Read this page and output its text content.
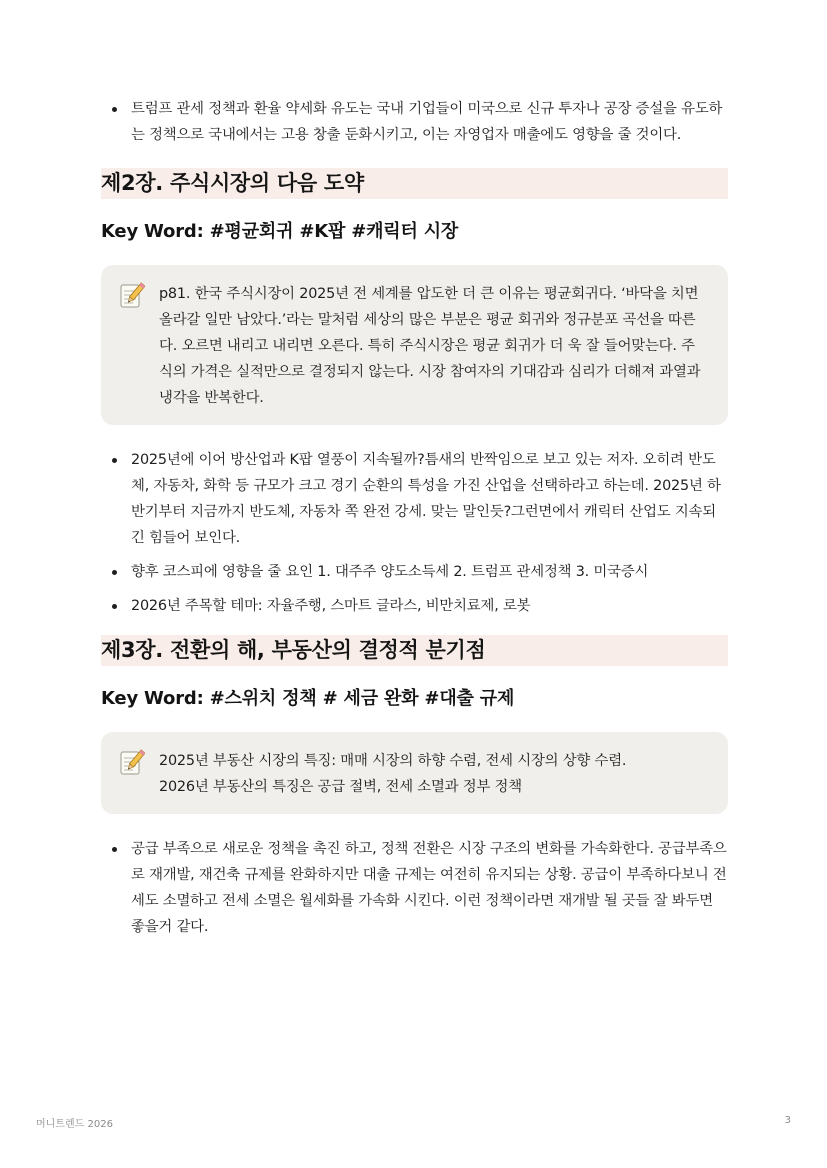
트럼프 관세 정책과 환율 약세화 유도는 국내 기업들이 미국으로 신규 투자나 공장 증설을 유도하는 정책으로 국내에서는 고용 창출 둔화시키고, 이는 자영업자 매출에도 영향을 줄 것이다.
제2장. 주식시장의 다음 도약
Key Word: #평균회귀 #K팝 #캐릭터 시장
p81. 한국 주식시장이 2025년 전 세계를 압도한 더 큰 이유는 평균회귀다. ‘바닥을 치면 올라갈 일만 남았다.’라는 말처럼 세상의 많은 부분은 평균 회귀와 정규분포 곡선을 따른다. 오르면 내리고 내리면 오른다. 특히 주식시장은 평균 회귀가 더 욱 잘 들어맞는다. 주식의 가격은 실적만으로 결정되지 않는다. 시장 참여자의 기대감과 심리가 더해져 과열과 냉각을 반복한다.
2025년에 이어 방산업과 K팝 열풍이 지속될까?틈새의 반짝임으로 보고 있는 저자. 오히려 반도체, 자동차, 화학 등 규모가 크고 경기 순환의 특성을 가진 산업을 선택하라고 하는데. 2025년 하반기부터 지금까지 반도체, 자동차 쪽 완전 강세. 맞는 말인듯?그런면에서 캐릭터 산업도 지속되긴 힘들어 보인다.
향후 코스피에 영향을 줄 요인 1. 대주주 양도소득세 2. 트럼프 관세정책 3. 미국증시
2026년 주목할 테마: 자율주행, 스마트 글라스, 비만치료제, 로봇
제3장. 전환의 해, 부동산의 결정적 분기점
Key Word: #스위치 정책 # 세금 완화 #대출 규제
2025년 부동산 시장의 특징: 매매 시장의 하향 수렴, 전세 시장의 상향 수렴.
2026년 부동산의 특징은 공급 절벽, 전세 소멸과 정부 정책
공급 부족으로 새로운 정책을 촉진 하고, 정책 전환은 시장 구조의 변화를 가속화한다. 공급부족으로 재개발, 재건축 규제를 완화하지만 대출 규제는 여전히 유지되는 상황. 공급이 부족하다보니 전세도 소멸하고 전세 소멸은 월세화를 가속화 시킨다. 이런 정책이라면 재개발 될 곳들 잘 봐두면 좋을거 같다.
머니트렌드 2026	3
